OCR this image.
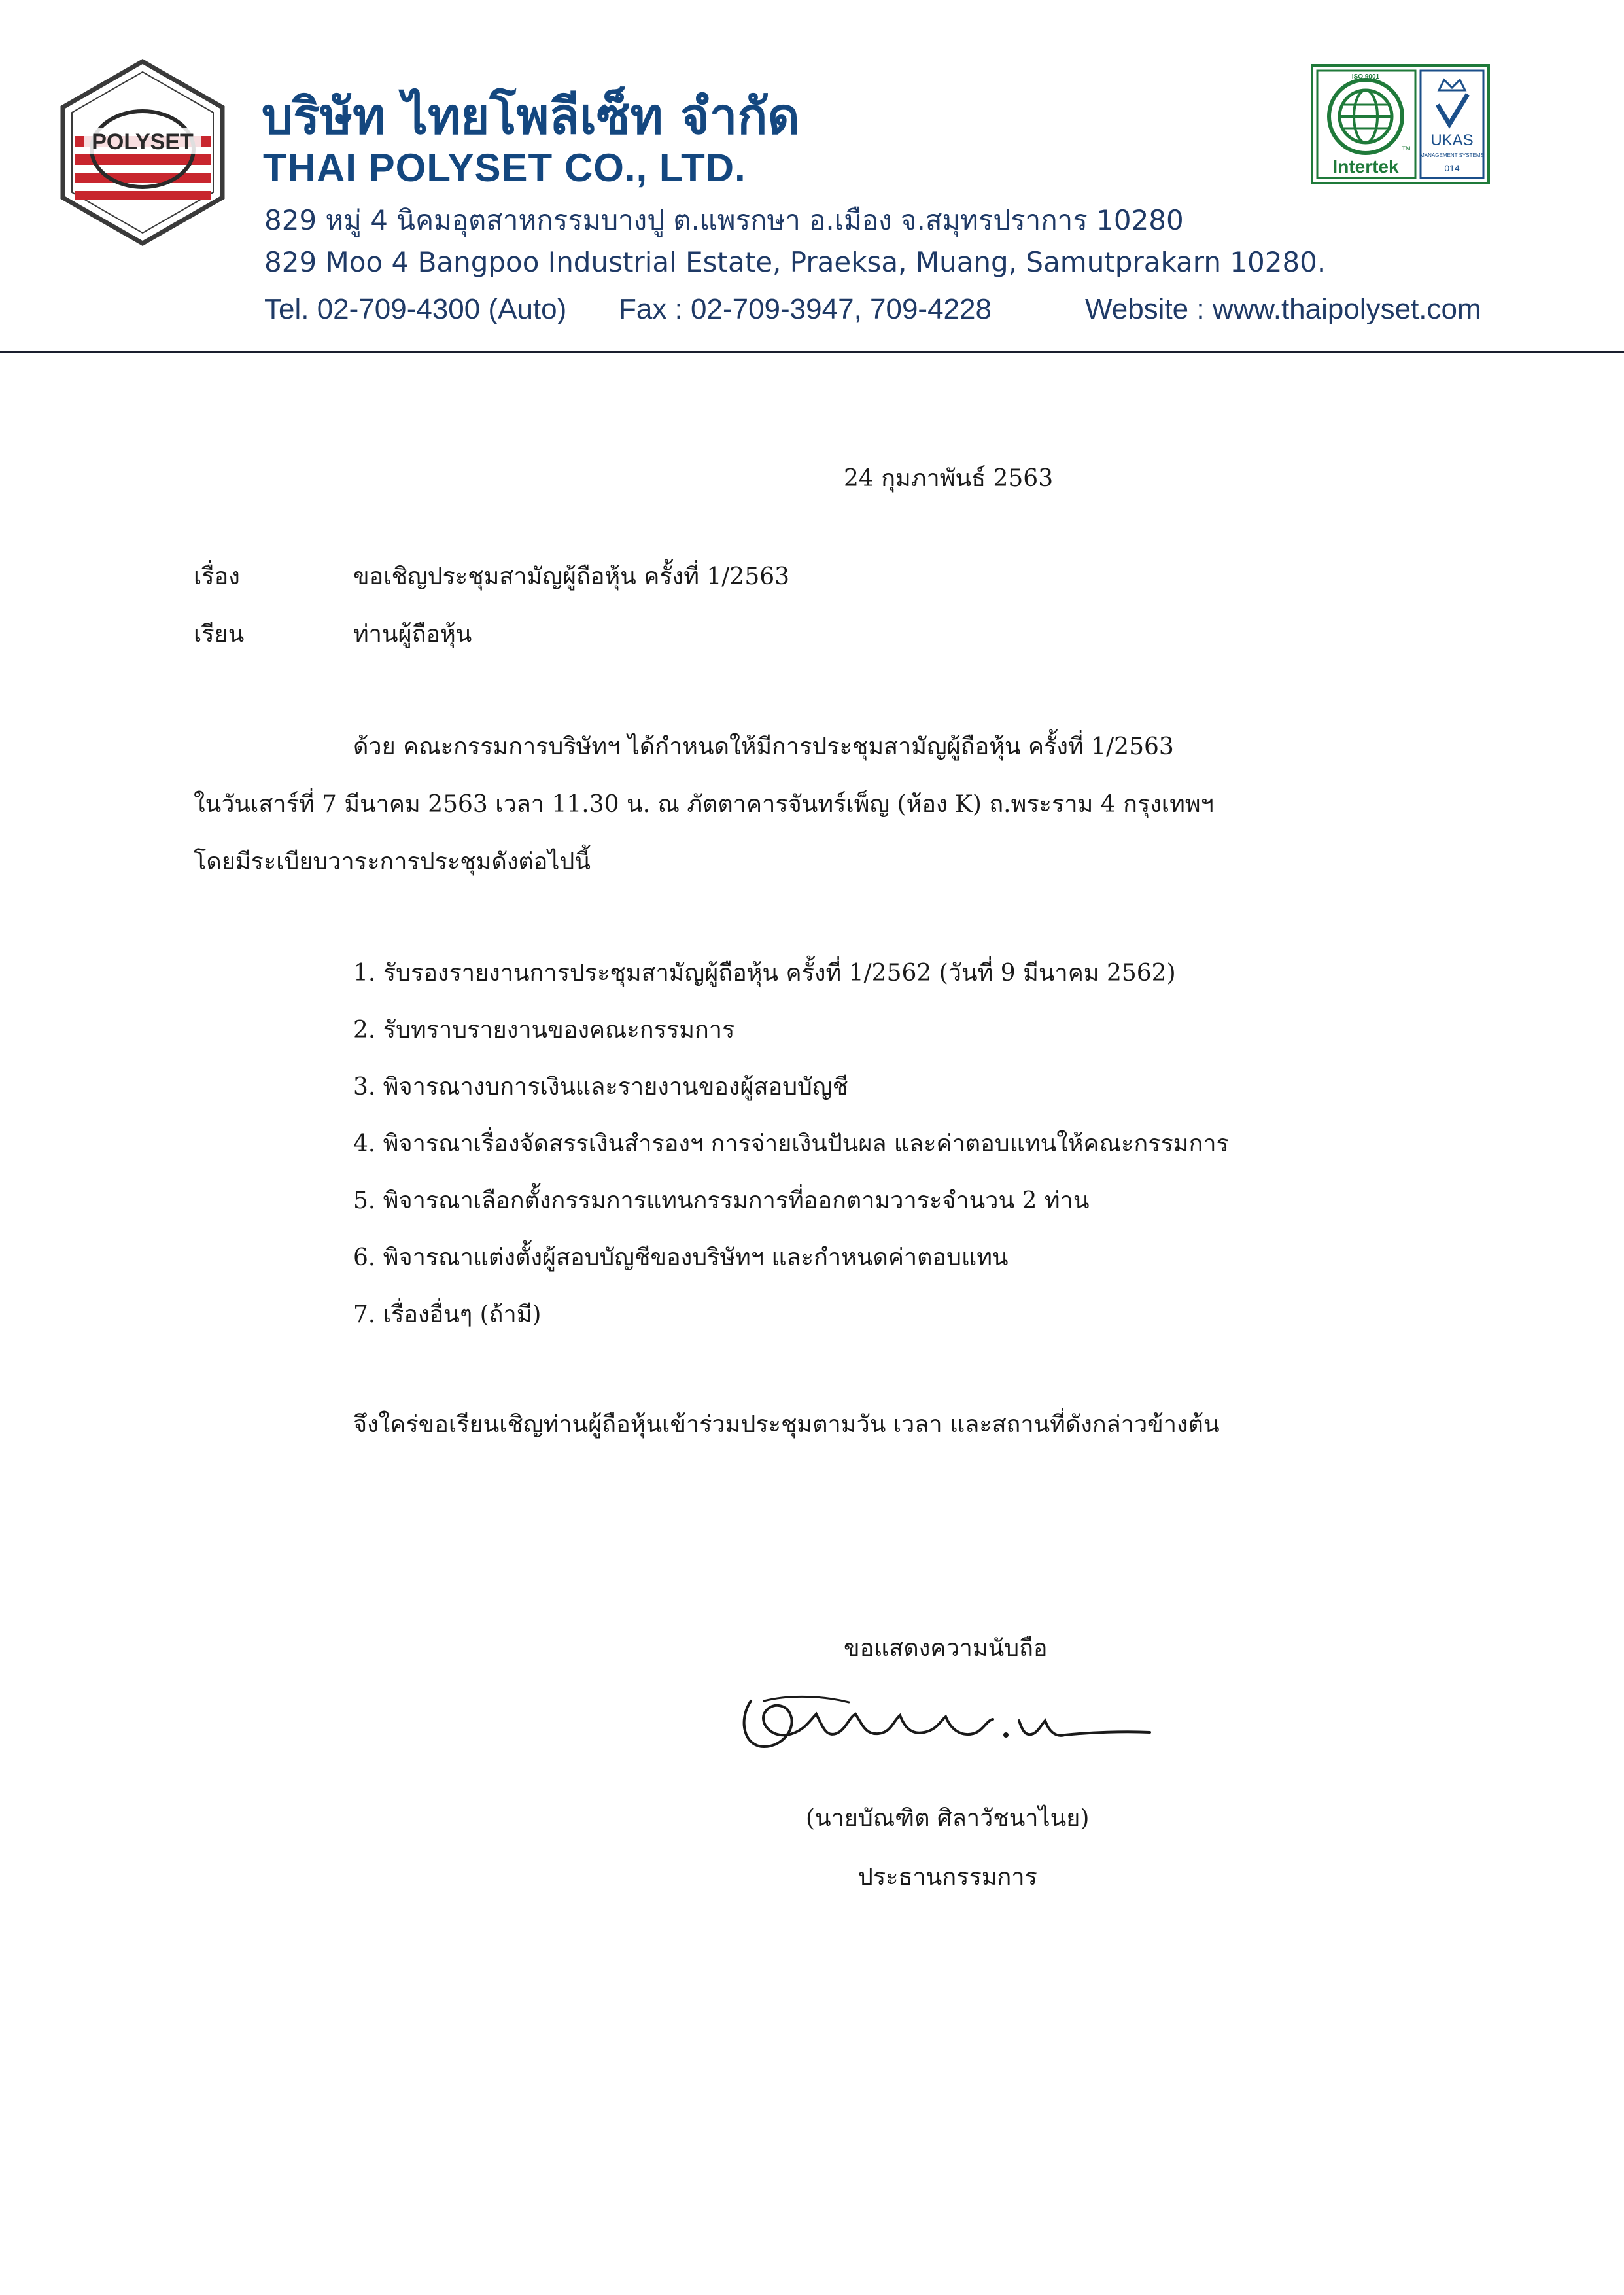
POLYSET บริษัท ไทยโพลีเซ็ท จำกัด
THAI POLYSET CO., LTD.
829 หมู่ 4 นิคมอุตสาหกรรมบางปู ต.แพรกษา อ.เมือง จ.สมุทรปราการ 10280
829 Moo 4 Bangpoo Industrial Estate, Praeksa, Muang, Samutprakarn 10280.
Tel. 02-709-4300 (Auto) Fax : 02-709-3947, 709-4228	Website : www.thaipolyset.com
ISO 9001
TM
Intertek
UKAS
MANAGEMENT SYSTEMS
014
24 กุมภาพันธ์ 2563
เรื่อง	ขอเชิญประชุมสามัญผู้ถือหุ้น ครั้งที่ 1/2563
เรียน	ท่านผู้ถือหุ้น
ด้วย คณะกรรมการบริษัทฯ ได้กำหนดให้มีการประชุมสามัญผู้ถือหุ้น ครั้งที่ 1/2563
ในวันเสาร์ที่ 7 มีนาคม 2563 เวลา 11.30 น. ณ ภัตตาคารจันทร์เพ็ญ (ห้อง K) ถ.พระราม 4 กรุงเทพฯ
โดยมีระเบียบวาระการประชุมดังต่อไปนี้
1. รับรองรายงานการประชุมสามัญผู้ถือหุ้น ครั้งที่ 1/2562 (วันที่ 9 มีนาคม 2562)
2. รับทราบรายงานของคณะกรรมการ
3. พิจารณางบการเงินและรายงานของผู้สอบบัญชี
4. พิจารณาเรื่องจัดสรรเงินสำรองฯ การจ่ายเงินปันผล และค่าตอบแทนให้คณะกรรมการ
5. พิจารณาเลือกตั้งกรรมการแทนกรรมการที่ออกตามวาระจำนวน 2 ท่าน
6. พิจารณาแต่งตั้งผู้สอบบัญชีของบริษัทฯ และกำหนดค่าตอบแทน
7. เรื่องอื่นๆ (ถ้ามี)
จึงใคร่ขอเรียนเชิญท่านผู้ถือหุ้นเข้าร่วมประชุมตามวัน เวลา และสถานที่ดังกล่าวข้างต้น
ขอแสดงความนับถือ
(นายบัณฑิต ศิลาวัชนาไนย)
ประธานกรรมการ
